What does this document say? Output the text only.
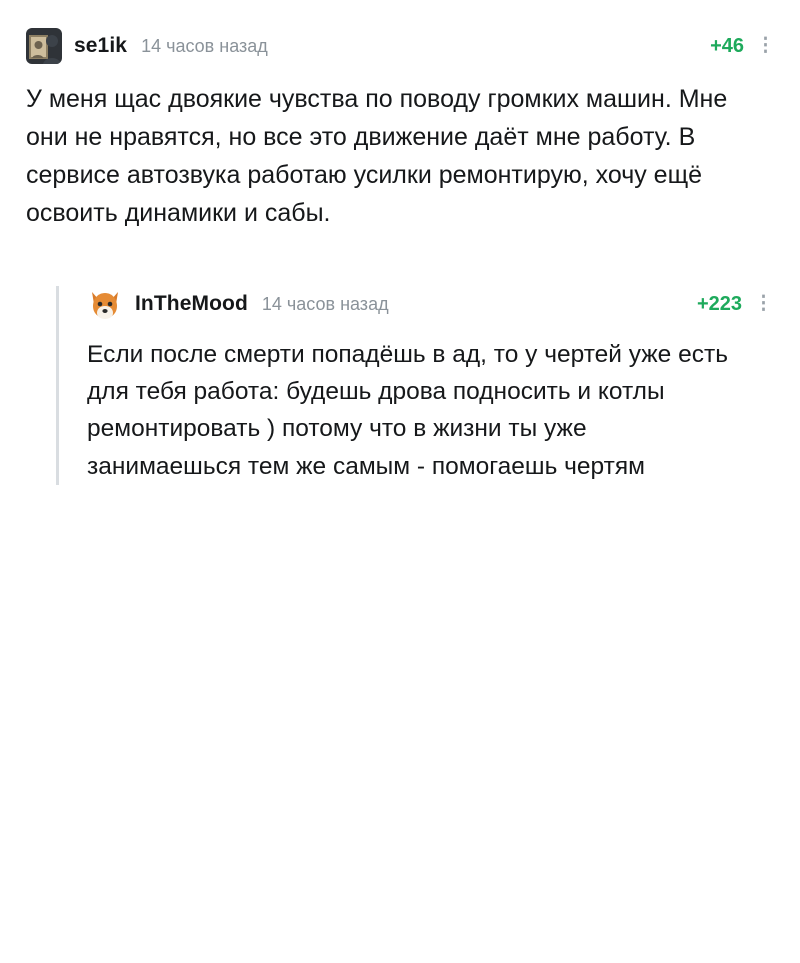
se1ik 14 часов назад	+46 ⋮
У меня щас двоякие чувства по поводу громких машин. Мне они не нравятся, но все это движение даёт мне работу. В сервисе автозвука работаю усилки ремонтирую, хочу ещё освоить динамики и сабы.
InTheMood 14 часов назад	+223 ⋮
Если после смерти попадёшь в ад, то у чертей уже есть для тебя работа: будешь дрова подносить и котлы ремонтировать ) потому что в жизни ты уже занимаешься тем же самым - помогаешь чертям
